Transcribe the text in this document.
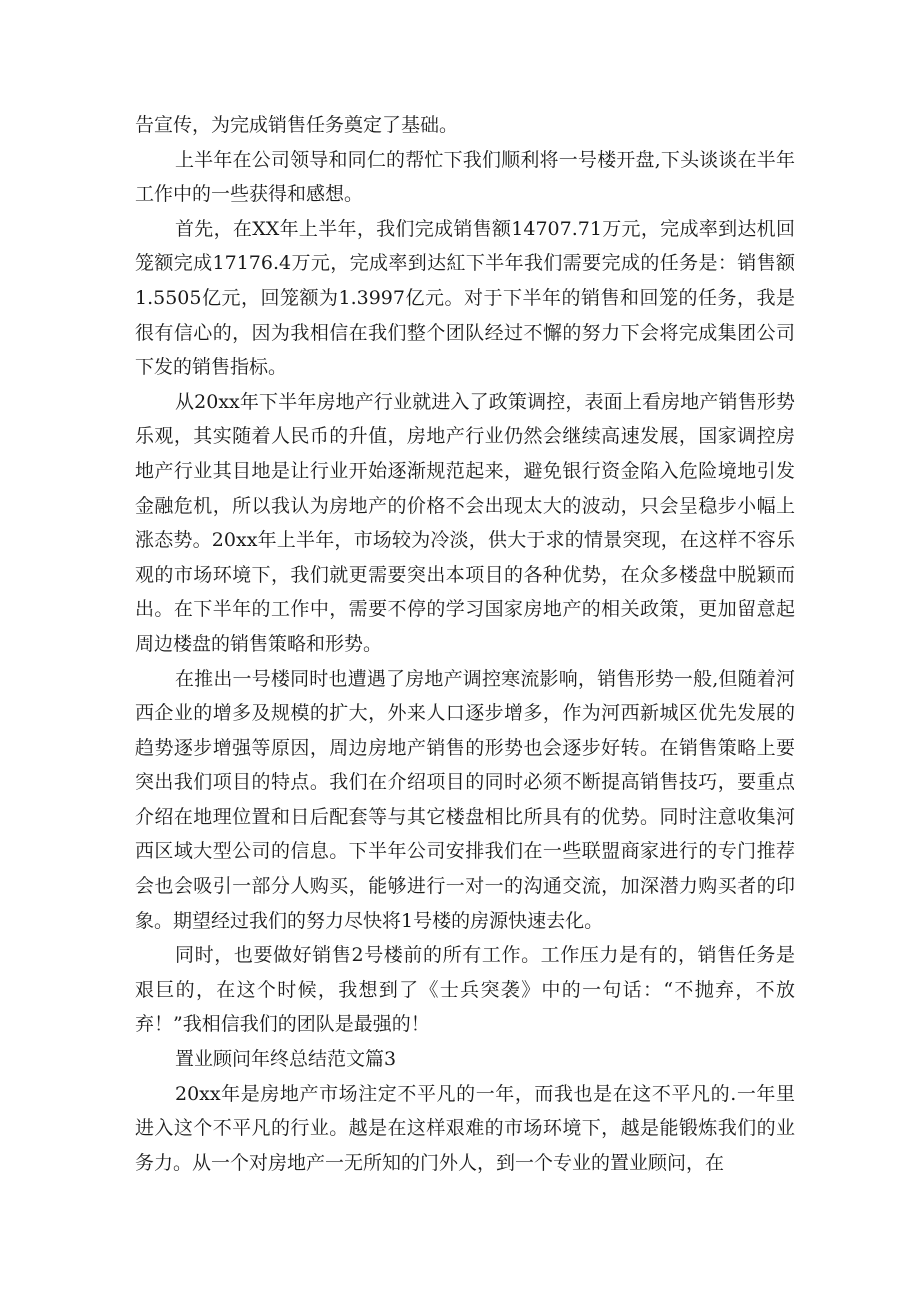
告宣传，为完成销售任务奠定了基础。

上半年在公司领导和同仁的帮忙下我们顺利将一号楼开盘,下头谈谈在半年工作中的一些获得和感想。

首先，在XX年上半年，我们完成销售额14707.71万元，完成率到达机回笼额完成17176.4万元，完成率到达紅下半年我们需要完成的任务是：销售额1.5505亿元，回笼额为1.3997亿元。对于下半年的销售和回笼的任务，我是很有信心的，因为我相信在我们整个团队经过不懈的努力下会将完成集团公司下发的销售指标。

从20xx年下半年房地产行业就进入了政策调控，表面上看房地产销售形势乐观，其实随着人民币的升值，房地产行业仍然会继续高速发展，国家调控房地产行业其目地是让行业开始逐渐规范起来，避免银行资金陷入危险境地引发金融危机，所以我认为房地产的价格不会出现太大的波动，只会呈稳步小幅上涨态势。20xx年上半年，市场较为冷淡，供大于求的情景突现，在这样不容乐观的市场环境下，我们就更需要突出本项目的各种优势，在众多楼盘中脱颖而出。在下半年的工作中，需要不停的学习国家房地产的相关政策，更加留意起周边楼盘的销售策略和形势。

在推出一号楼同时也遭遇了房地产调控寒流影响，销售形势一般,但随着河西企业的增多及规模的扩大，外来人口逐步增多，作为河西新城区优先发展的趋势逐步增强等原因，周边房地产销售的形势也会逐步好转。在销售策略上要突出我们项目的特点。我们在介绍项目的同时必须不断提高销售技巧，要重点介绍在地理位置和日后配套等与其它楼盘相比所具有的优势。同时注意收集河西区域大型公司的信息。下半年公司安排我们在一些联盟商家进行的专门推荐会也会吸引一部分人购买，能够进行一对一的沟通交流，加深潜力购买者的印象。期望经过我们的努力尽快将1号楼的房源快速去化。

同时，也要做好销售2号楼前的所有工作。工作压力是有的，销售任务是艰巨的，在这个时候，我想到了《士兵突袭》中的一句话：“不抛弃，不放弃！”我相信我们的团队是最强的！

置业顾问年终总结范文篇3

20xx年是房地产市场注定不平凡的一年，而我也是在这不平凡的.一年里进入这个不平凡的行业。越是在这样艰难的市场环境下，越是能锻炼我们的业务力。从一个对房地产一无所知的门外人，到一个专业的置业顾问，在
